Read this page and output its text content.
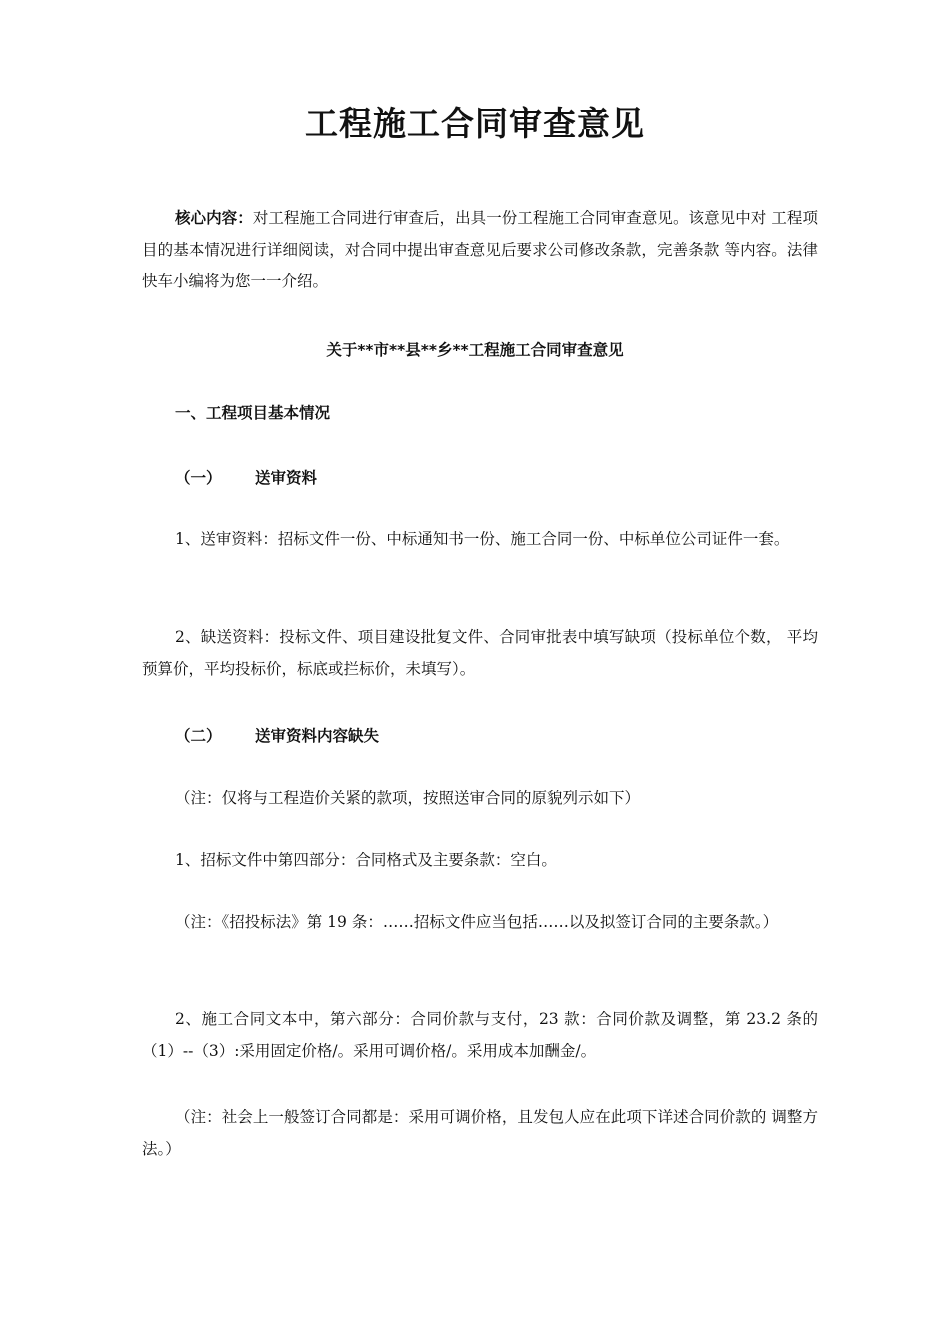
工程施工合同审查意见
核心内容：对工程施工合同进行审查后，出具一份工程施工合同审查意见。该意见中对 工程项目的基本情况进行详细阅读，对合同中提出审查意见后要求公司修改条款，完善条款 等内容。法律快车小编将为您一一介绍。
关于**市**县**乡**工程施工合同审查意见
一、工程项目基本情况
（一） 送审资料
1、送审资料：招标文件一份、中标通知书一份、施工合同一份、中标单位公司证件一套。
2、缺送资料：投标文件、项目建设批复文件、合同审批表中填写缺项（投标单位个数， 平均预算价，平均投标价，标底或拦标价，未填写）。
（二） 送审资料内容缺失
（注：仅将与工程造价关紧的款项，按照送审合同的原貌列示如下）
1、招标文件中第四部分：合同格式及主要条款：空白。
（注：《招投标法》第 19 条：……招标文件应当包括……以及拟签订合同的主要条款。）
2、施工合同文本中，第六部分：合同价款与支付，23 款：合同价款及调整，第 23.2 条的（1）--（3）:采用固定价格/。采用可调价格/。采用成本加酬金/。
（注：社会上一般签订合同都是：采用可调价格，且发包人应在此项下详述合同价款的 调整方法。）
